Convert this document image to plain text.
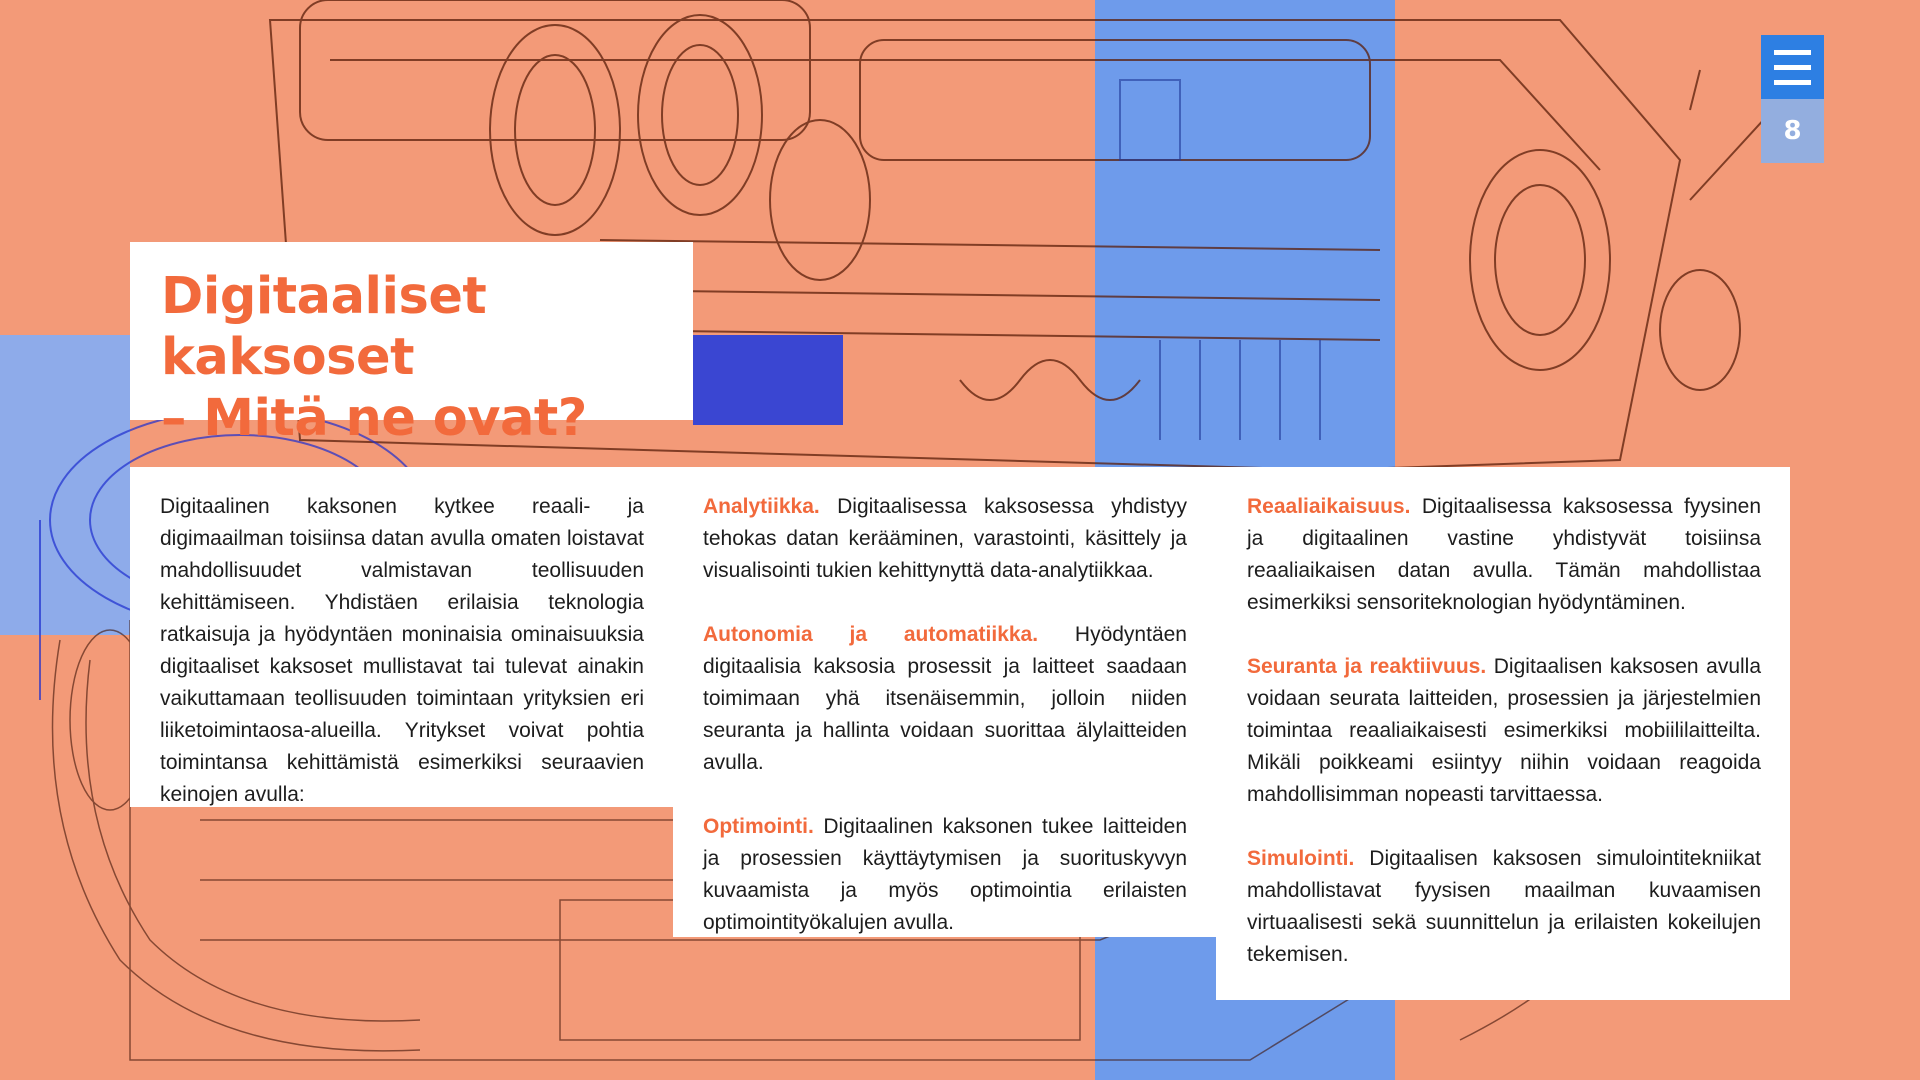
Digitaaliset kaksoset
– Mitä ne ovat?

Digitaalinen kaksonen kytkee reaali- ja digimaailman toisiinsa datan avulla omaten loistavat mahdollisuudet valmistavan teollisuuden kehittämiseen. Yhdistäen erilaisia teknologia ratkaisuja ja hyödyntäen moninaisia ominaisuuksia digitaaliset kaksoset mullistavat tai tulevat ainakin vaikuttamaan teollisuuden toimintaan yrityksien eri liiketoimintaosa-alueilla. Yritykset voivat pohtia toimintansa kehittämistä esimerkiksi seuraavien keinojen avulla:

Analytiikka. Digitaalisessa kaksosessa yhdistyy tehokas datan kerääminen, varastointi, käsittely ja visualisointi tukien kehittynyttä data-analytiikkaa.

Autonomia ja automatiikka. Hyödyntäen digitaalisia kaksosia prosessit ja laitteet saadaan toimimaan yhä itsenäisemmin, jolloin niiden seuranta ja hallinta voidaan suorittaa älylaitteiden avulla.

Optimointi. Digitaalinen kaksonen tukee laitteiden ja prosessien käyttäytymisen ja suorituskyvyn kuvaamista ja myös optimointia erilaisten optimointityökalujen avulla.

Reaaliaikaisuus. Digitaalisessa kaksosessa fyysinen ja digitaalinen vastine yhdistyvät toisiinsa reaaliaikaisen datan avulla. Tämän mahdollistaa esimerkiksi sensoriteknologian hyödyntäminen.

Seuranta ja reaktiivuus. Digitaalisen kaksosen avulla voidaan seurata laitteiden, prosessien ja järjestelmien toimintaa reaaliaikaisesti esimerkiksi mobiililaitteilta. Mikäli poikkeami esiintyy niihin voidaan reagoida mahdollisimman nopeasti tarvittaessa.

Simulointi. Digitaalisen kaksosen simulointitekniikat mahdollistavat fyysisen maailman kuvaamisen virtuaalisesti sekä suunnittelun ja erilaisten kokeilujen tekemisen.

8
